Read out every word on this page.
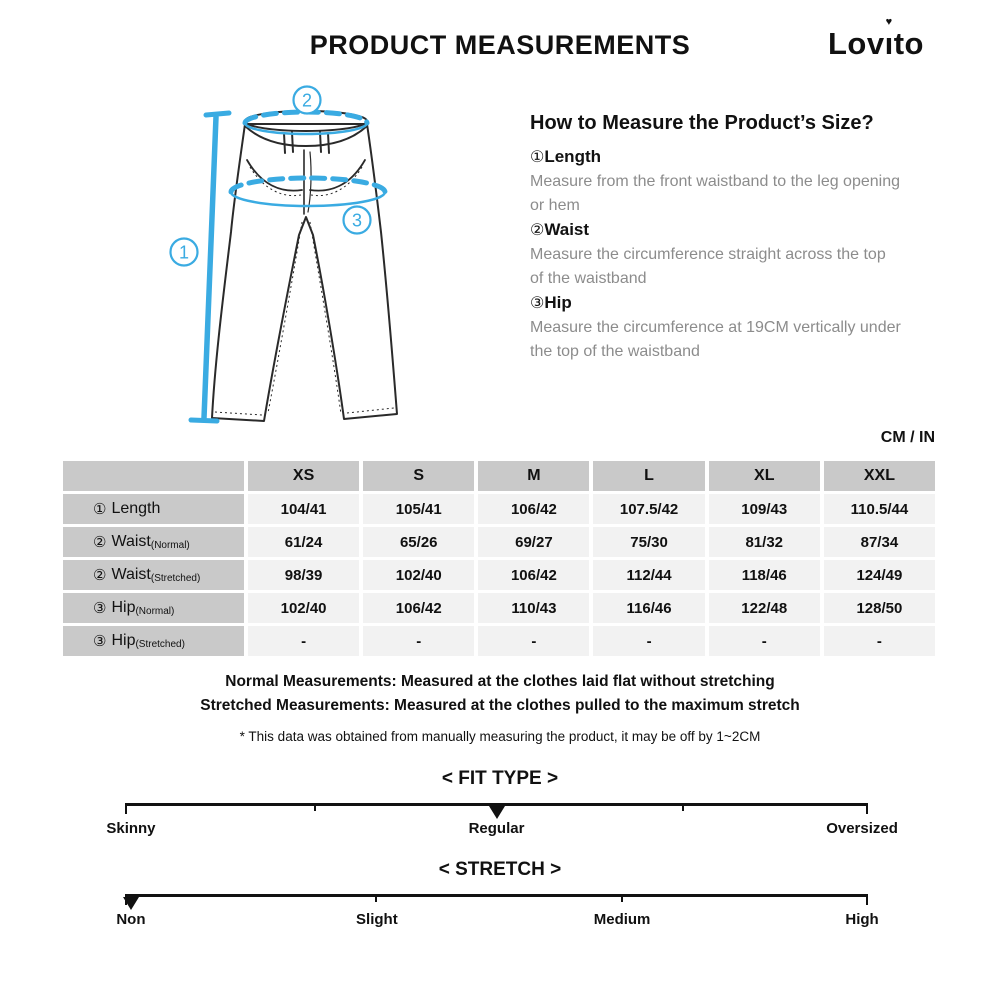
PRODUCT MEASUREMENTS	Lov ı
♥
to
1
2
3
How to Measure the Product’s Size?
①Length
Measure from the front waistband to the leg opening or hem
②Waist
Measure the circumference straight across the top of the waistband
③Hip
Measure the circumference at 19CM vertically under the top of the waistband
CM / IN
XS	S	M	L	XL	XXL
① Length	104/41	105/41	106/42	107.5/42	109/43	110.5/44
② Waist (Normal)	61/24	65/26	69/27	75/30	81/32	87/34
② Waist (Stretched)	98/39	102/40	106/42	112/44	118/46	124/49
③ Hip (Normal)	102/40	106/42	110/43	116/46	122/48	128/50
③ Hip (Stretched)	-	-	-	-	-	-
Normal Measurements: Measured at the clothes laid flat without stretching
Stretched Measurements: Measured at the clothes pulled to the maximum stretch
* This data was obtained from manually measuring the product, it may be off by 1~2CM
< FIT TYPE >
Skinny	Regular	Oversized
< STRETCH >
Non	Slight	Medium	High
